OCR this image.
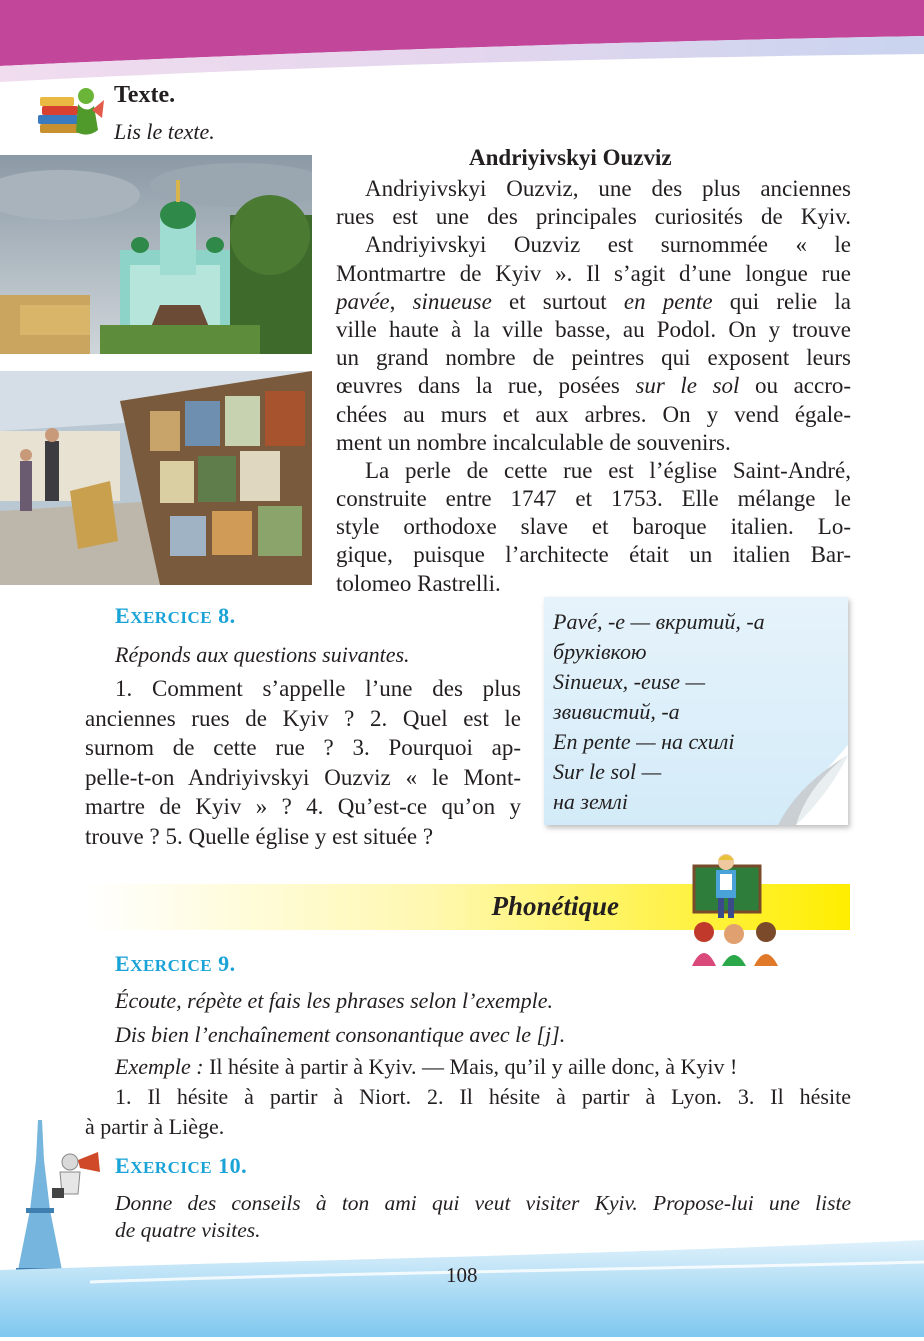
Texte.
Lis le texte.
Andriyivskyi Ouzviz
Andriyivskyi Ouzviz, une des plus anciennes
rues est une des principales curiosités de Kyiv.
Andriyivskyi Ouzviz est surnommée « le
Montmartre de Kyiv ». Il s’agit d’une longue rue
pavée, sinueuse et surtout en pente qui relie la
ville haute à la ville basse, au Podol. On y trouve
un grand nombre de peintres qui exposent leurs
œuvres dans la rue, posées sur le sol ou accro-
chées au murs et aux arbres. On y vend égale-
ment un nombre incalculable de souvenirs.
La perle de cette rue est l’église Saint-André,
construite entre 1747 et 1753. Elle mélange le
style orthodoxe slave et baroque italien. Lo-
gique, puisque l’architecte était un italien Bar-
tolomeo Rastrelli.
EXERCICE 8.
Réponds aux questions suivantes.
1. Comment s’appelle l’une des plus
anciennes rues de Kyiv ? 2. Quel est le
surnom de cette rue ? 3. Pourquoi ap-
pelle-t-on Andriyivskyi Ouzviz « le Mont-
martre de Kyiv » ? 4. Qu’est-ce qu’on y
trouve ? 5. Quelle église y est située ?
Pavé, -e — вкритий, -а
бруківкою
Sinueux, -euse —
звивистий, -а
En pente — на схилі
Sur le sol —
на землі
Phonétique
EXERCICE 9.
Écoute, répète et fais les phrases selon l’exemple.
Dis bien l’enchaînement consonantique avec le [j].
Exemple : Il hésite à partir à Kyiv. — Mais, qu’il y aille donc, à Kyiv !
1. Il hésite à partir à Niort. 2. Il hésite à partir à Lyon. 3. Il hésite
à partir à Liège.
EXERCICE 10.
Donne des conseils à ton ami qui veut visiter Kyiv. Propose-lui une liste
de quatre visites.
108
